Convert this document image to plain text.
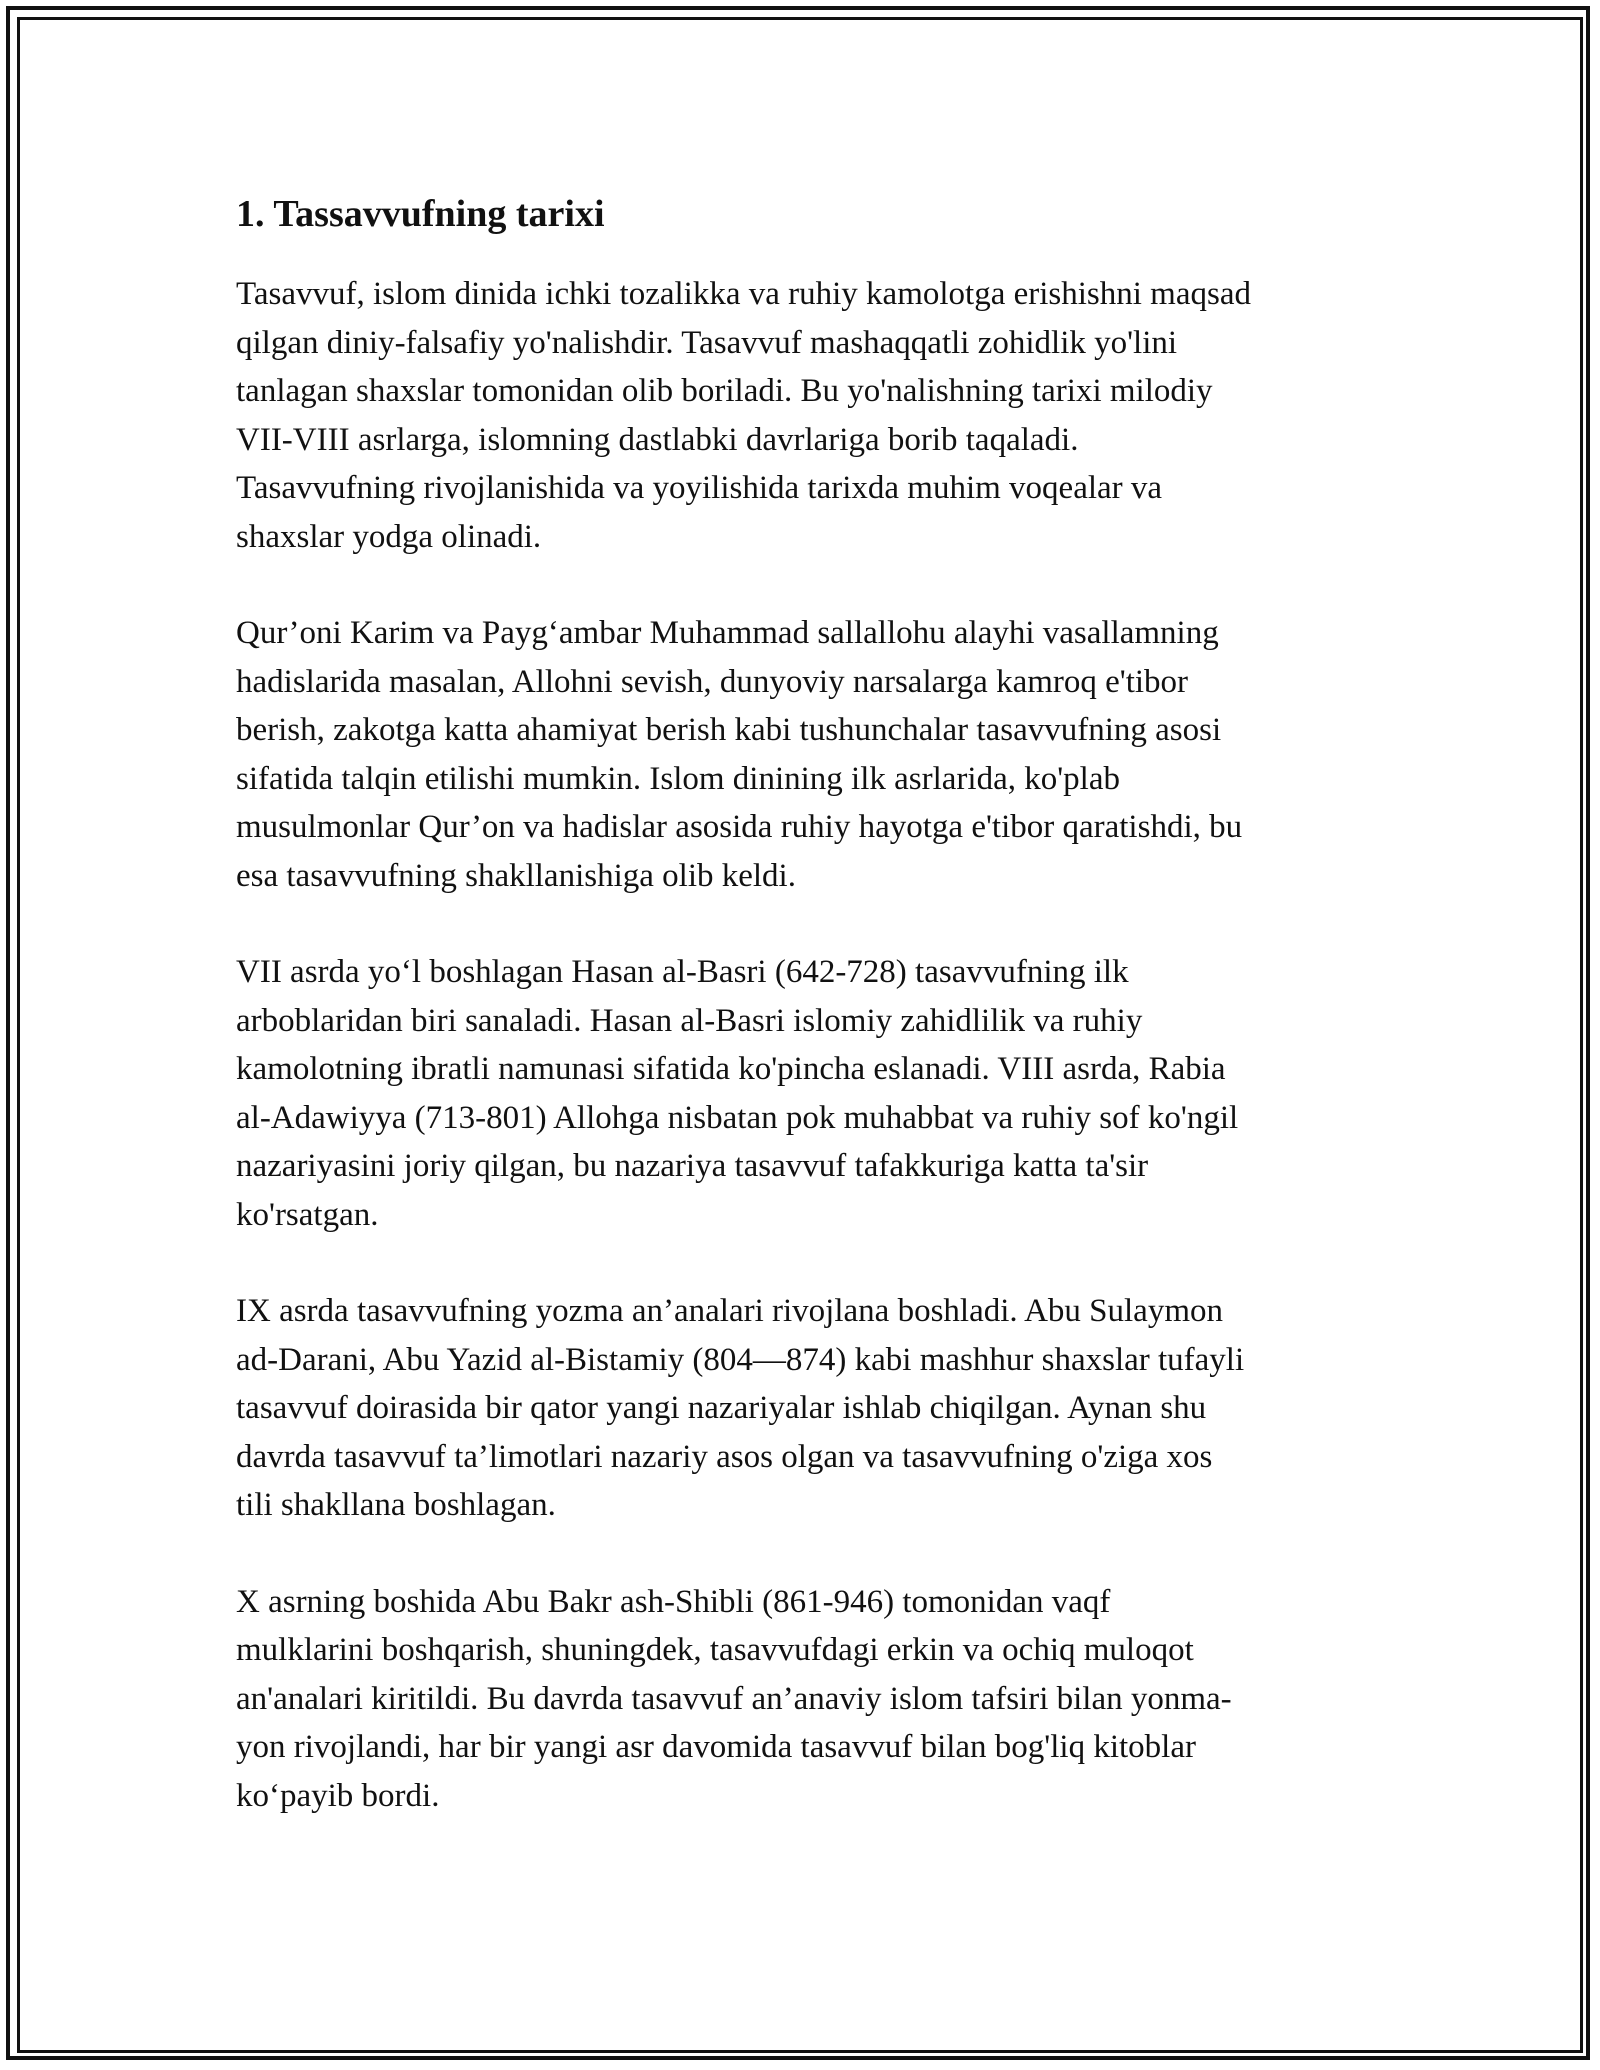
1. Tassavvufning tarixi

Tasavvuf, islom dinida ichki tozalikka va ruhiy kamolotga erishishni maqsad
qilgan diniy-falsafiy yo'nalishdir. Tasavvuf mashaqqatli zohidlik yo'lini
tanlagan shaxslar tomonidan olib boriladi. Bu yo'nalishning tarixi milodiy
VII-VIII asrlarga, islomning dastlabki davrlariga borib taqaladi.
Tasavvufning rivojlanishida va yoyilishida tarixda muhim voqealar va
shaxslar yodga olinadi.

Qur’oni Karim va Payg‘ambar Muhammad sallallohu alayhi vasallamning
hadislarida masalan, Allohni sevish, dunyoviy narsalarga kamroq e'tibor
berish, zakotga katta ahamiyat berish kabi tushunchalar tasavvufning asosi
sifatida talqin etilishi mumkin. Islom dinining ilk asrlarida, ko'plab
musulmonlar Qur’on va hadislar asosida ruhiy hayotga e'tibor qaratishdi, bu
esa tasavvufning shakllanishiga olib keldi.

VII asrda yo‘l boshlagan Hasan al-Basri (642-728) tasavvufning ilk
arboblaridan biri sanaladi. Hasan al-Basri islomiy zahidlilik va ruhiy
kamolotning ibratli namunasi sifatida ko'pincha eslanadi. VIII asrda, Rabia
al-Adawiyya (713-801) Allohga nisbatan pok muhabbat va ruhiy sof ko'ngil
nazariyasini joriy qilgan, bu nazariya tasavvuf tafakkuriga katta ta'sir
ko'rsatgan.

IX asrda tasavvufning yozma an’analari rivojlana boshladi. Abu Sulaymon
ad-Darani, Abu Yazid al-Bistamiy (804—874) kabi mashhur shaxslar tufayli
tasavvuf doirasida bir qator yangi nazariyalar ishlab chiqilgan. Aynan shu
davrda tasavvuf ta’limotlari nazariy asos olgan va tasavvufning o'ziga xos
tili shakllana boshlagan.

X asrning boshida Abu Bakr ash-Shibli (861-946) tomonidan vaqf
mulklarini boshqarish, shuningdek, tasavvufdagi erkin va ochiq muloqot
an'analari kiritildi. Bu davrda tasavvuf an’anaviy islom tafsiri bilan yonma-
yon rivojlandi, har bir yangi asr davomida tasavvuf bilan bog'liq kitoblar
ko‘payib bordi.
